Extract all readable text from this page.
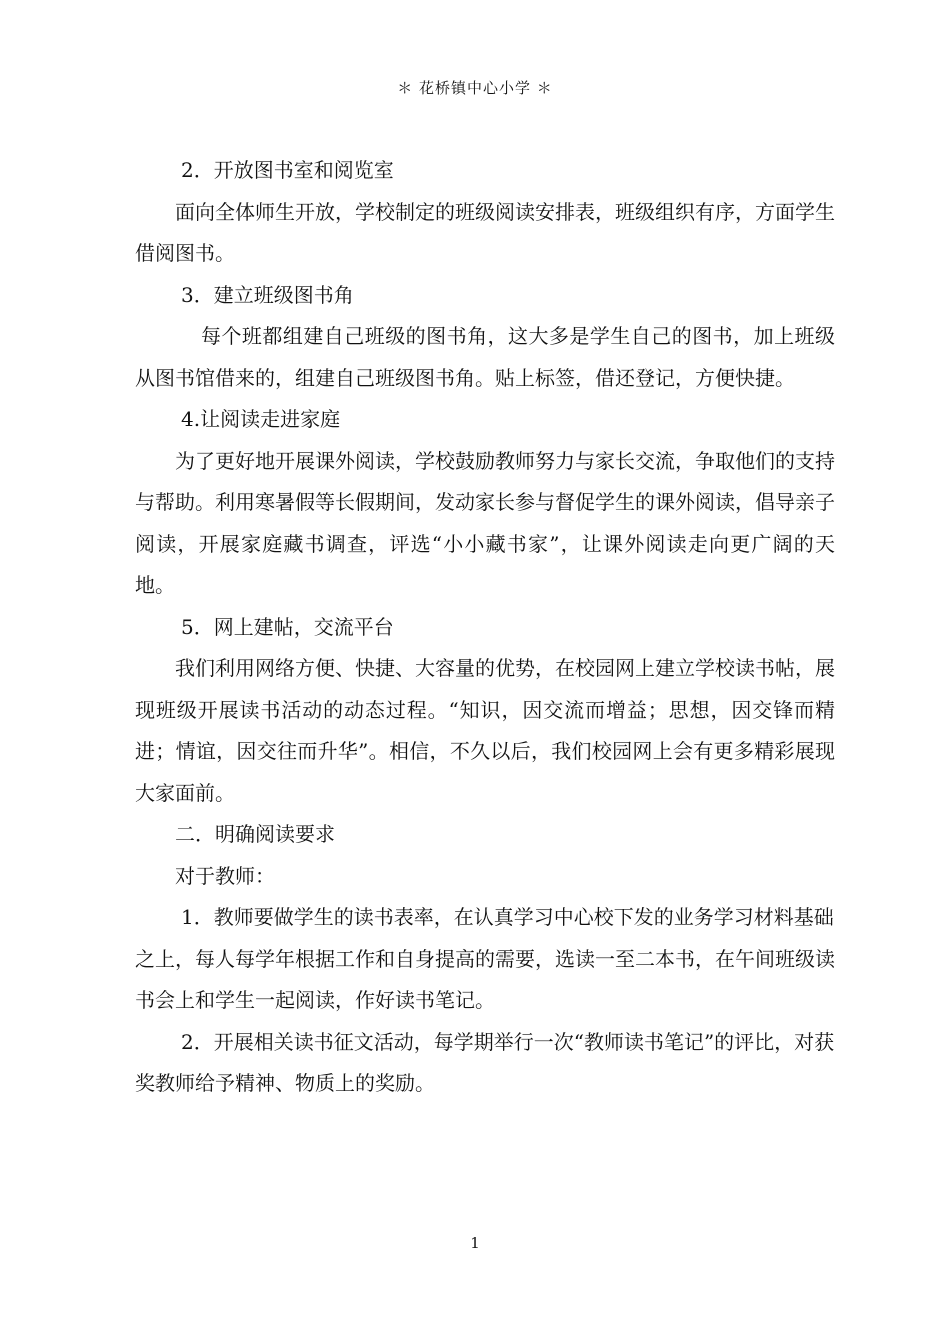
＊ 花桥镇中心小学 ＊

2．开放图书室和阅览室

面向全体师生开放，学校制定的班级阅读安排表，班级组织有序，方面学生借阅图书。

3．建立班级图书角

每个班都组建自己班级的图书角，这大多是学生自己的图书，加上班级从图书馆借来的，组建自己班级图书角。贴上标签，借还登记，方便快捷。

4.让阅读走进家庭

为了更好地开展课外阅读，学校鼓励教师努力与家长交流，争取他们的支持与帮助。利用寒暑假等长假期间，发动家长参与督促学生的课外阅读，倡导亲子阅读，开展家庭藏书调查，评选“小小藏书家”，让课外阅读走向更广阔的天地。

5．网上建帖，交流平台

我们利用网络方便、快捷、大容量的优势，在校园网上建立学校读书帖，展现班级开展读书活动的动态过程。“知识，因交流而增益；思想，因交锋而精进；情谊，因交往而升华”。相信，不久以后，我们校园网上会有更多精彩展现大家面前。

二．明确阅读要求

对于教师：

1．教师要做学生的读书表率，在认真学习中心校下发的业务学习材料基础之上，每人每学年根据工作和自身提高的需要，选读一至二本书，在午间班级读书会上和学生一起阅读，作好读书笔记。

2．开展相关读书征文活动，每学期举行一次“教师读书笔记”的评比，对获奖教师给予精神、物质上的奖励。

1
